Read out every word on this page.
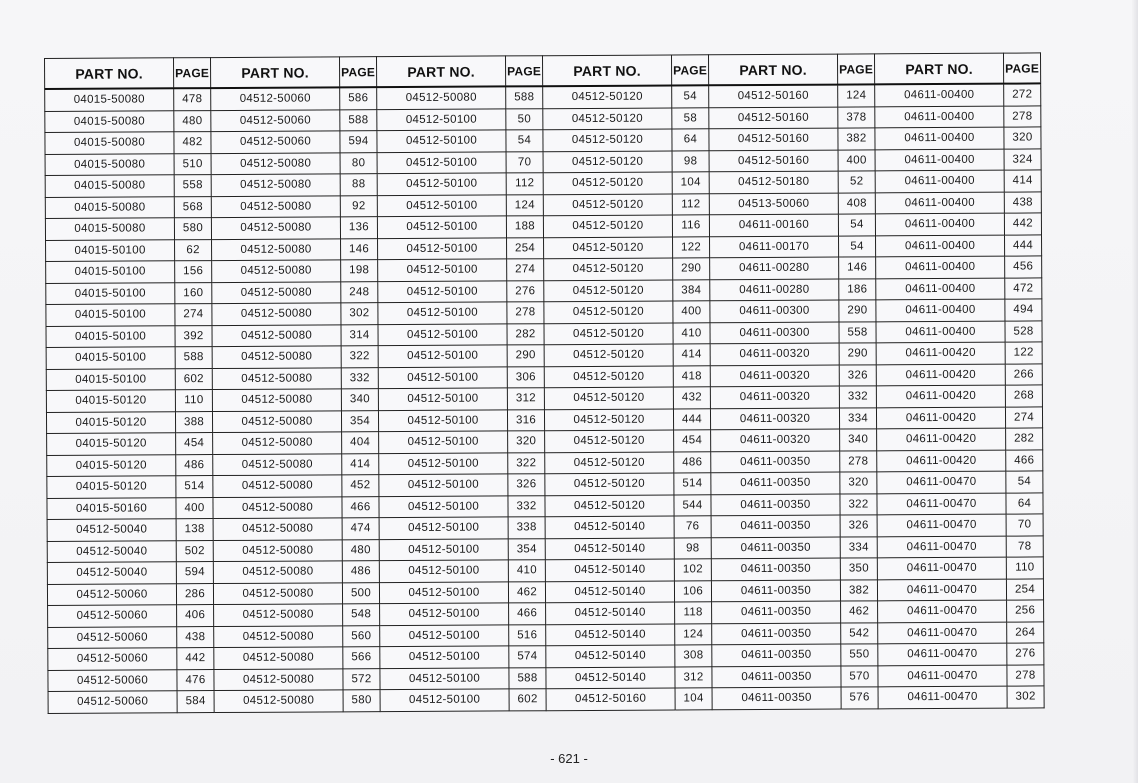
PART NO.	PAGE	PART NO.	PAGE	PART NO.	PAGE	PART NO.	PAGE	PART NO.	PAGE	PART NO.	PAGE
04015-50080	478	04512-50060	586	04512-50080	588	04512-50120	54	04512-50160	124	04611-00400	272
04015-50080	480	04512-50060	588	04512-50100	50	04512-50120	58	04512-50160	378	04611-00400	278
04015-50080	482	04512-50060	594	04512-50100	54	04512-50120	64	04512-50160	382	04611-00400	320
04015-50080	510	04512-50080	80	04512-50100	70	04512-50120	98	04512-50160	400	04611-00400	324
04015-50080	558	04512-50080	88	04512-50100	112	04512-50120	104	04512-50180	52	04611-00400	414
04015-50080	568	04512-50080	92	04512-50100	124	04512-50120	112	04513-50060	408	04611-00400	438
04015-50080	580	04512-50080	136	04512-50100	188	04512-50120	116	04611-00160	54	04611-00400	442
04015-50100	62	04512-50080	146	04512-50100	254	04512-50120	122	04611-00170	54	04611-00400	444
04015-50100	156	04512-50080	198	04512-50100	274	04512-50120	290	04611-00280	146	04611-00400	456
04015-50100	160	04512-50080	248	04512-50100	276	04512-50120	384	04611-00280	186	04611-00400	472
04015-50100	274	04512-50080	302	04512-50100	278	04512-50120	400	04611-00300	290	04611-00400	494
04015-50100	392	04512-50080	314	04512-50100	282	04512-50120	410	04611-00300	558	04611-00400	528
04015-50100	588	04512-50080	322	04512-50100	290	04512-50120	414	04611-00320	290	04611-00420	122
04015-50100	602	04512-50080	332	04512-50100	306	04512-50120	418	04611-00320	326	04611-00420	266
04015-50120	110	04512-50080	340	04512-50100	312	04512-50120	432	04611-00320	332	04611-00420	268
04015-50120	388	04512-50080	354	04512-50100	316	04512-50120	444	04611-00320	334	04611-00420	274
04015-50120	454	04512-50080	404	04512-50100	320	04512-50120	454	04611-00320	340	04611-00420	282
04015-50120	486	04512-50080	414	04512-50100	322	04512-50120	486	04611-00350	278	04611-00420	466
04015-50120	514	04512-50080	452	04512-50100	326	04512-50120	514	04611-00350	320	04611-00470	54
04015-50160	400	04512-50080	466	04512-50100	332	04512-50120	544	04611-00350	322	04611-00470	64
04512-50040	138	04512-50080	474	04512-50100	338	04512-50140	76	04611-00350	326	04611-00470	70
04512-50040	502	04512-50080	480	04512-50100	354	04512-50140	98	04611-00350	334	04611-00470	78
04512-50040	594	04512-50080	486	04512-50100	410	04512-50140	102	04611-00350	350	04611-00470	110
04512-50060	286	04512-50080	500	04512-50100	462	04512-50140	106	04611-00350	382	04611-00470	254
04512-50060	406	04512-50080	548	04512-50100	466	04512-50140	118	04611-00350	462	04611-00470	256
04512-50060	438	04512-50080	560	04512-50100	516	04512-50140	124	04611-00350	542	04611-00470	264
04512-50060	442	04512-50080	566	04512-50100	574	04512-50140	308	04611-00350	550	04611-00470	276
04512-50060	476	04512-50080	572	04512-50100	588	04512-50140	312	04611-00350	570	04611-00470	278
04512-50060	584	04512-50080	580	04512-50100	602	04512-50160	104	04611-00350	576	04611-00470	302
- 621 -
